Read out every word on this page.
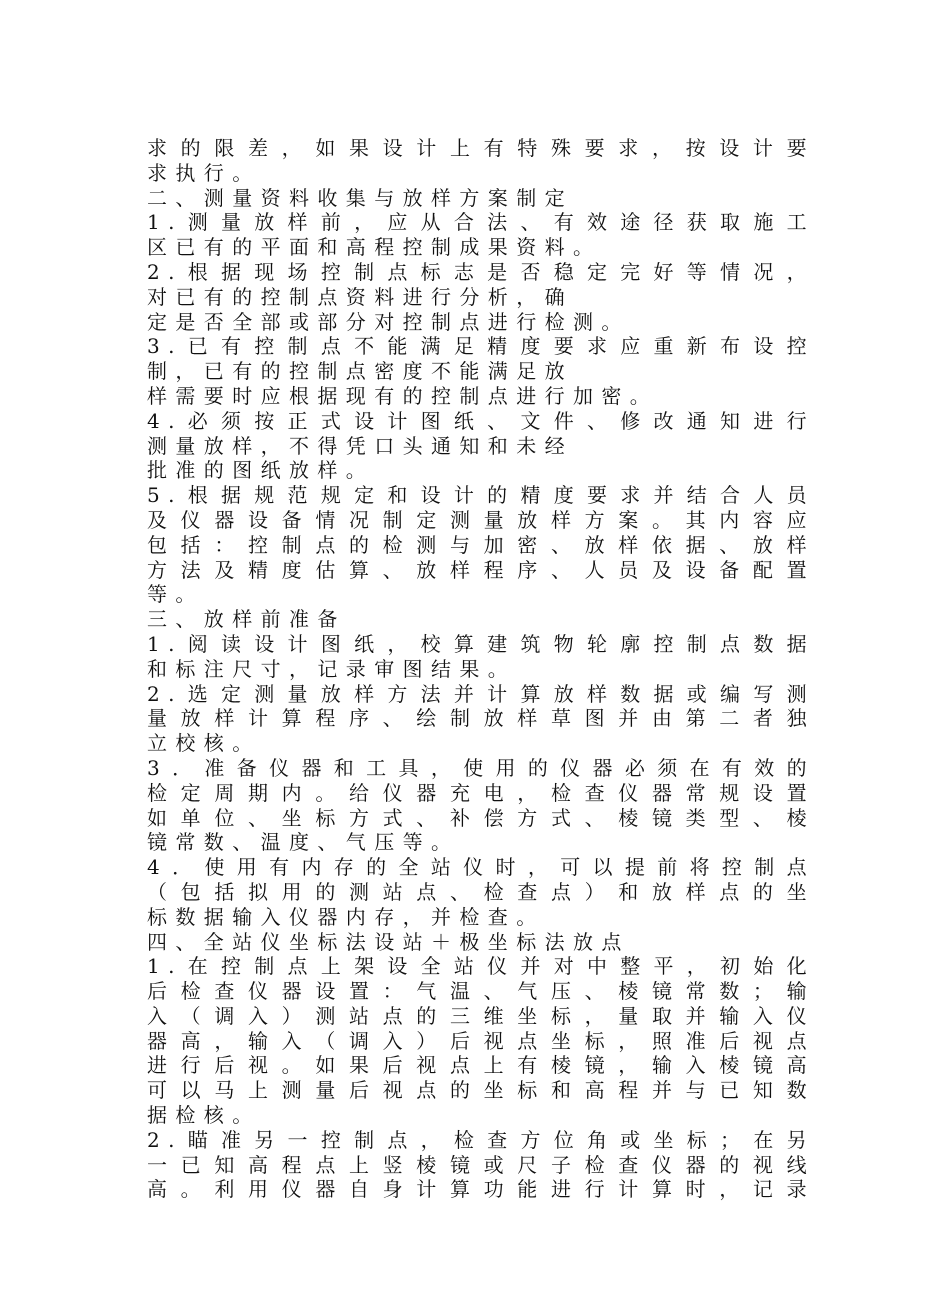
求的限差，如果设计上有特殊要求，按设计要
求执行。
二、测量资料收集与放样方案制定
1.测量放样前，应从合法、有效途径获取施工
区已有的平面和高程控制成果资料。
2.根据现场控制点标志是否稳定完好等情况，
对已有的控制点资料进行分析，确
定是否全部或部分对控制点进行检测。
3.已有控制点不能满足精度要求应重新布设控
制，已有的控制点密度不能满足放
样需要时应根据现有的控制点进行加密。
4.必须按正式设计图纸、文件、修改通知进行
测量放样，不得凭口头通知和未经
批准的图纸放样。
5.根据规范规定和设计的精度要求并结合人员
及仪器设备情况制定测量放样方案。其内容应
包括：控制点的检测与加密、放样依据、放样
方法及精度估算、放样程序、人员及设备配置
等。
三、放样前准备
1.阅读设计图纸，校算建筑物轮廓控制点数据
和标注尺寸，记录审图结果。
2.选定测量放样方法并计算放样数据或编写测
量放样计算程序、绘制放样草图并由第二者独
立校核。
3．准备仪器和工具，使用的仪器必须在有效的
检定周期内。给仪器充电，检查仪器常规设置
如单位、坐标方式、补偿方式、棱镜类型、棱
镜常数、温度、气压等。
4．使用有内存的全站仪时，可以提前将控制点
（包括拟用的测站点、检查点）和放样点的坐
标数据输入仪器内存，并检查。
四、全站仪坐标法设站＋极坐标法放点
1.在控制点上架设全站仪并对中整平，初始化
后检查仪器设置：气温、气压、棱镜常数；输
入（调入）测站点的三维坐标，量取并输入仪
器高，输入（调入）后视点坐标，照准后视点
进行后视。如果后视点上有棱镜，输入棱镜高
可以马上测量后视点的坐标和高程并与已知数
据检核。
2.瞄准另一控制点，检查方位角或坐标；在另
一已知高程点上竖棱镜或尺子检查仪器的视线
高。利用仪器自身计算功能进行计算时，记录
